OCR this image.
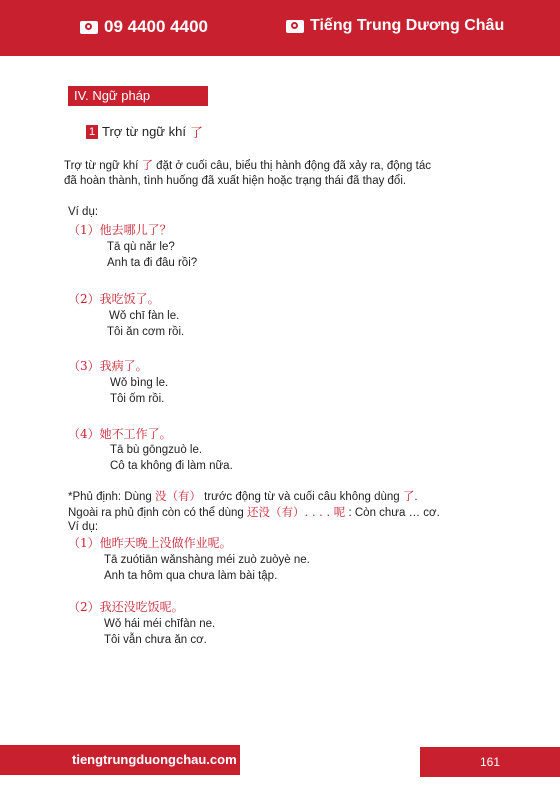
09 4400 4400	Tiếng Trung Dương Châu
IV. Ngữ pháp
1 Trợ từ ngữ khí 了
Trợ từ ngữ khí 了 đặt ở cuối câu, biểu thị hành động đã xảy ra, động tác
đã hoàn thành, tình huống đã xuất hiện hoặc trạng thái đã thay đổi.
Ví dụ:
（1）他去哪儿了？
Tā qù nǎr le?
Anh ta đi đâu rồi?
（2）我吃饭了。
Wǒ chī fàn le.
Tôi ăn cơm rồi.
（3）我病了。
Wǒ bìng le.
Tôi ốm rồi.
（4）她不工作了。
Tā bù gōngzuò le.
Cô ta không đi làm nữa.
*Phủ định: Dùng 没（有） trước động từ và cuối câu không dùng 了.
Ngoài ra phủ định còn có thể dùng 还没（有）. . . . 呢 : Còn chưa … cơ.
Ví dụ:
（1）他昨天晚上没做作业呢。
Tā zuótiān wǎnshàng méi zuò zuòyè ne.
Anh ta hôm qua chưa làm bài tập.
（2）我还没吃饭呢。
Wǒ hái méi chīfàn ne.
Tôi vẫn chưa ăn cơ.
tiengtrungduongchau.com	161
